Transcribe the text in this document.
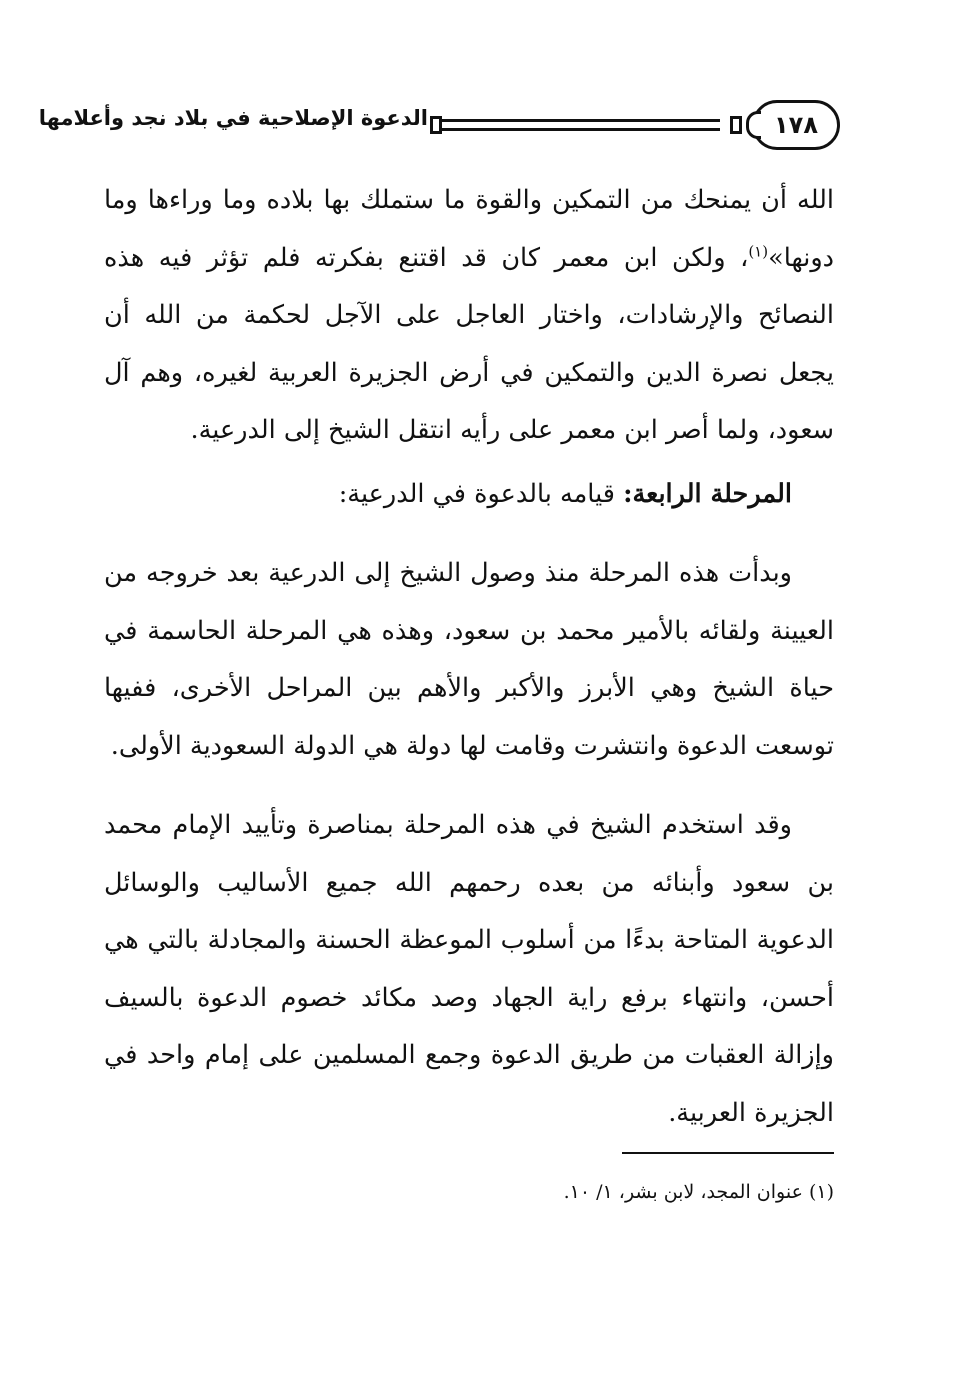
١٧٨
الدعوة الإصلاحية في بلاد نجد وأعلامها

الله أن يمنحك من التمكين والقوة ما ستملك بها بلاده وما وراءها وما دونها»$^{(١)}$، ولكن ابن معمر كان قد اقتنع بفكرته فلم تؤثر فيه هذه النصائح والإرشادات، واختار العاجل على الآجل لحكمة من الله أن يجعل نصرة الدين والتمكين في أرض الجزيرة العربية لغيره، وهم آل سعود، ولما أصر ابن معمر على رأيه انتقل الشيخ إلى الدرعية.

المرحلة الرابعة: قيامه بالدعوة في الدرعية:

وبدأت هذه المرحلة منذ وصول الشيخ إلى الدرعية بعد خروجه من العيينة ولقائه بالأمير محمد بن سعود، وهذه هي المرحلة الحاسمة في حياة الشيخ وهي الأبرز والأكبر والأهم بين المراحل الأخرى، ففيها توسعت الدعوة وانتشرت وقامت لها دولة هي الدولة السعودية الأولى.

وقد استخدم الشيخ في هذه المرحلة بمناصرة وتأييد الإمام محمد بن سعود وأبنائه من بعده رحمهم الله جميع الأساليب والوسائل الدعوية المتاحة بدءًا من أسلوب الموعظة الحسنة والمجادلة بالتي هي أحسن، وانتهاء برفع راية الجهاد وصد مكائد خصوم الدعوة بالسيف وإزالة العقبات من طريق الدعوة وجمع المسلمين على إمام واحد في الجزيرة العربية.

(١) عنوان المجد، لابن بشر، ١/ ١٠.
